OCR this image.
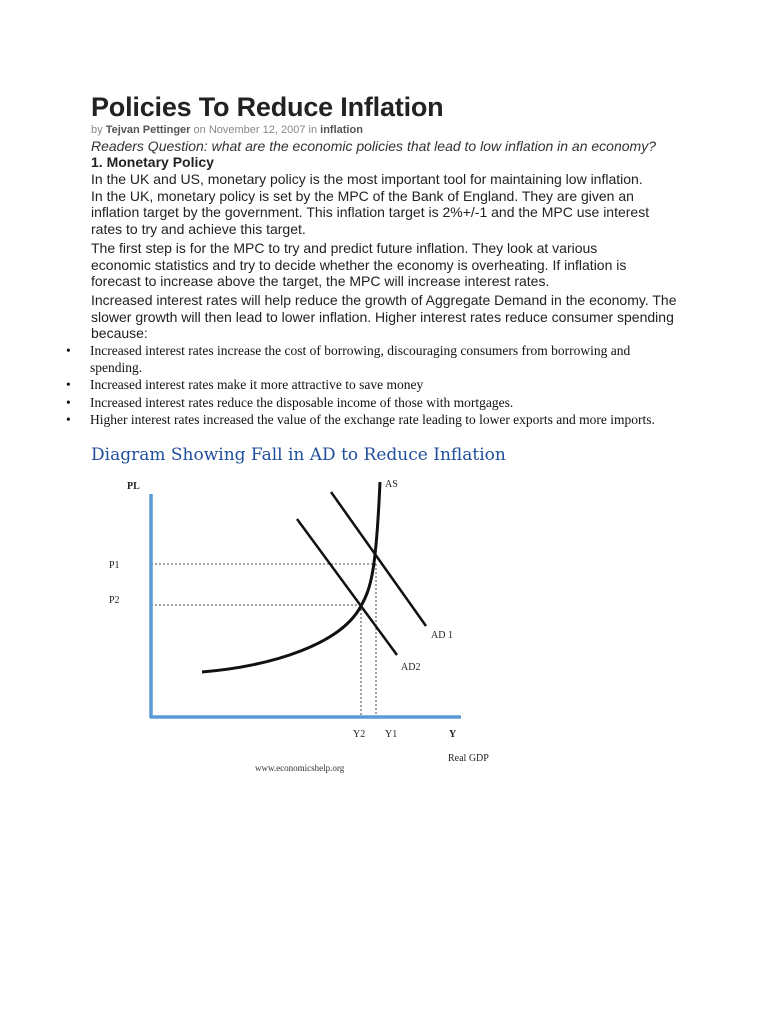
Policies To Reduce Inflation
by Tejvan Pettinger on November 12, 2007 in inflation
Readers Question: what are the economic policies that lead to low inflation in an economy?
1. Monetary Policy

In the UK and US, monetary policy is the most important tool for maintaining low inflation. In the UK, monetary policy is set by the MPC of the Bank of England. They are given an inflation target by the government. This inflation target is 2%+/-1 and the MPC use interest rates to try and achieve this target.

The first step is for the MPC to try and predict future inflation. They look at various economic statistics and try to decide whether the economy is overheating. If inflation is forecast to increase above the target, the MPC will increase interest rates.

Increased interest rates will help reduce the growth of Aggregate Demand in the economy. The slower growth will then lead to lower inflation. Higher interest rates reduce consumer spending because:

• Increased interest rates increase the cost of borrowing, discouraging consumers from borrowing and spending.
• Increased interest rates make it more attractive to save money
• Increased interest rates reduce the disposable income of those with mortgages.
• Higher interest rates increased the value of the exchange rate leading to lower exports and more imports.
Diagram Showing Fall in AD to Reduce Inflation
PL	AS
P1
P2
AD 1
AD2
Y2 Y1	Y
Real GDP
www.economicshelp.org
